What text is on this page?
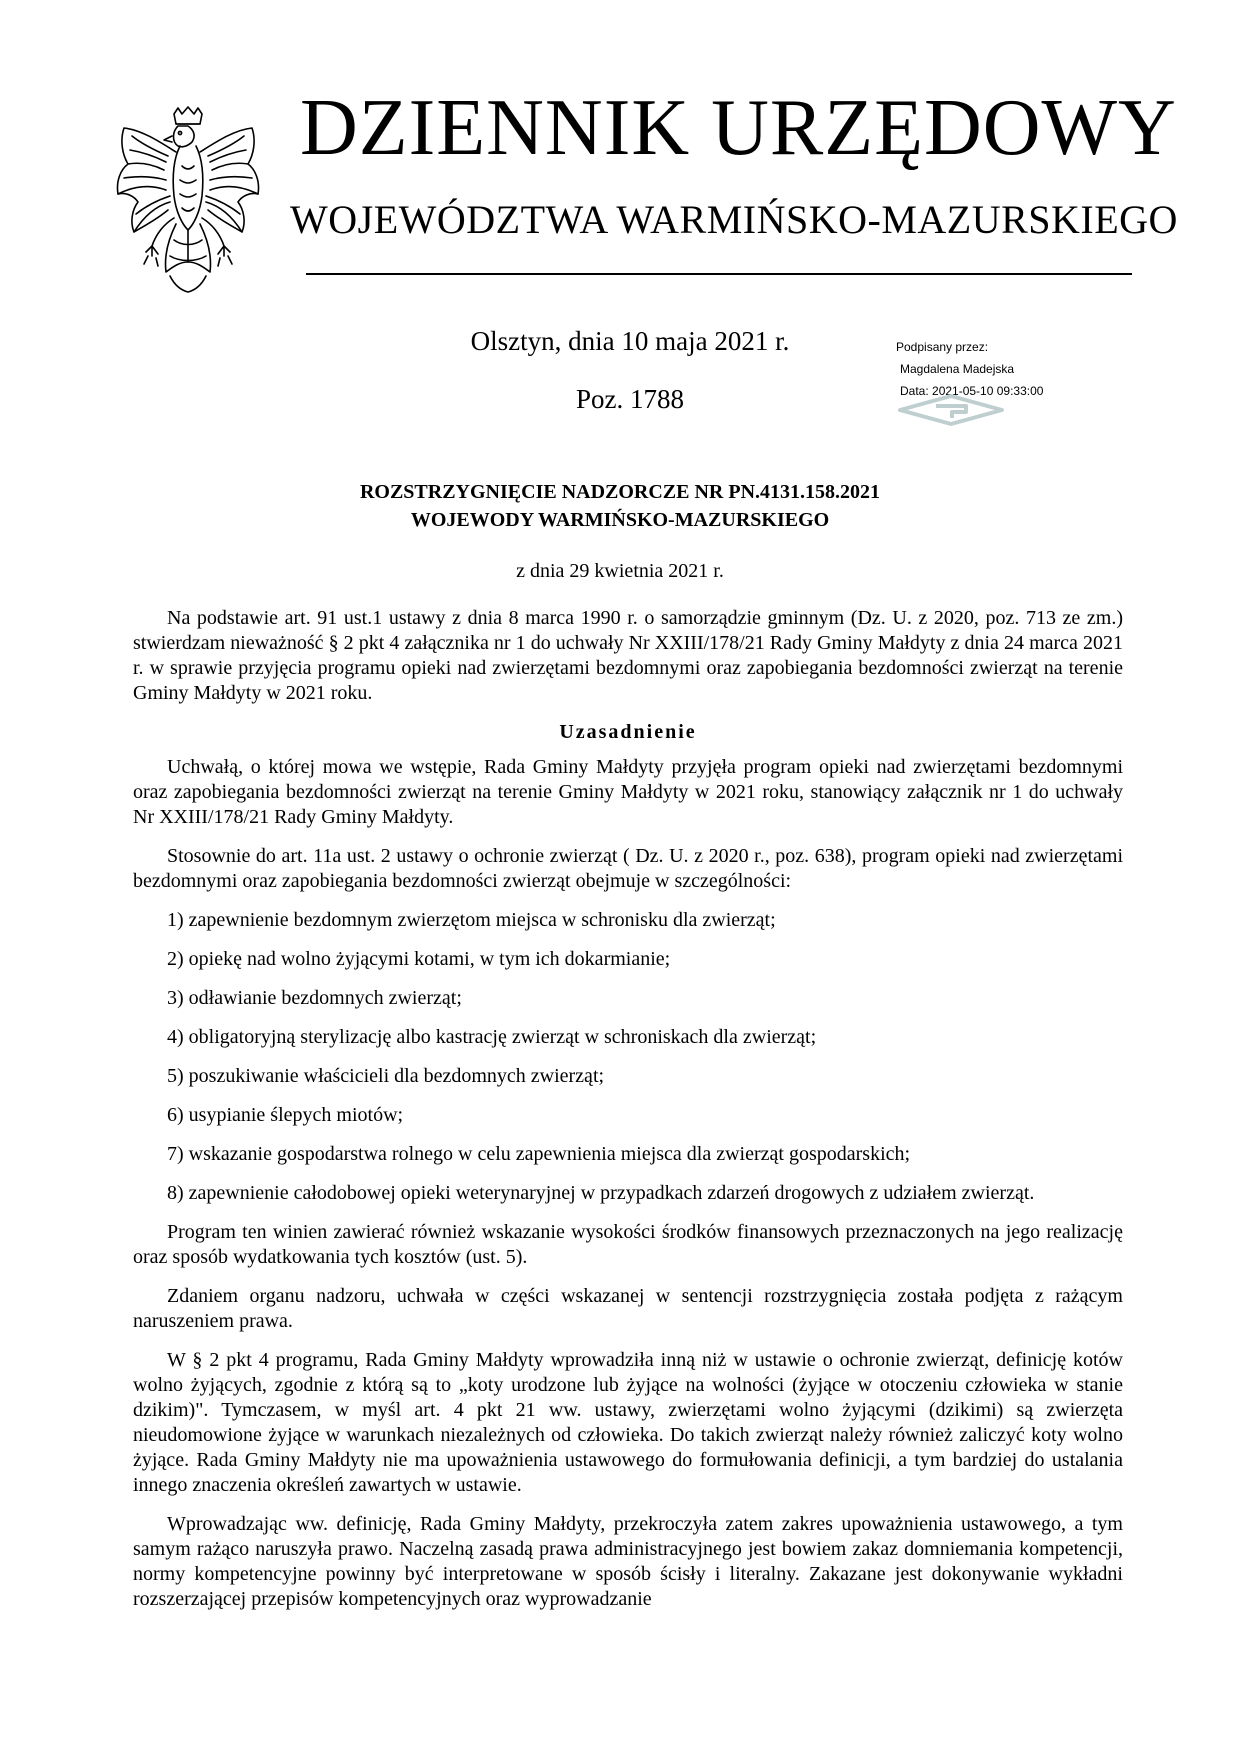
DZIENNIK URZĘDOWY
WOJEWÓDZTWA WARMIŃSKO-MAZURSKIEGO
Olsztyn, dnia 10 maja 2021 r.
Poz. 1788
Podpisany przez:
Magdalena Madejska
Data: 2021-05-10 09:33:00
ROZSTRZYGNIĘCIE NADZORCZE NR PN.4131.158.2021
WOJEWODY WARMIŃSKO-MAZURSKIEGO
z dnia 29 kwietnia 2021 r.

Na podstawie art. 91 ust.1 ustawy z dnia 8 marca 1990 r. o samorządzie gminnym (Dz. U. z 2020, poz. 713 ze zm.) stwierdzam nieważność § 2 pkt 4 załącznika nr 1 do uchwały Nr XXIII/178/21 Rady Gminy Małdyty z dnia 24 marca 2021 r. w sprawie przyjęcia programu opieki nad zwierzętami bezdomnymi oraz zapobiegania bezdomności zwierząt na terenie Gminy Małdyty w 2021 roku.

Uzasadnienie

Uchwałą, o której mowa we wstępie, Rada Gminy Małdyty przyjęła program opieki nad zwierzętami bezdomnymi oraz zapobiegania bezdomności zwierząt na terenie Gminy Małdyty w 2021 roku, stanowiący załącznik nr 1 do uchwały Nr XXIII/178/21 Rady Gminy Małdyty.

Stosownie do art. 11a ust. 2 ustawy o ochronie zwierząt ( Dz. U. z 2020 r., poz. 638), program opieki nad zwierzętami bezdomnymi oraz zapobiegania bezdomności zwierząt obejmuje w szczególności:

1) zapewnienie bezdomnym zwierzętom miejsca w schronisku dla zwierząt;

2) opiekę nad wolno żyjącymi kotami, w tym ich dokarmianie;

3) odławianie bezdomnych zwierząt;

4) obligatoryjną sterylizację albo kastrację zwierząt w schroniskach dla zwierząt;

5) poszukiwanie właścicieli dla bezdomnych zwierząt;

6) usypianie ślepych miotów;

7) wskazanie gospodarstwa rolnego w celu zapewnienia miejsca dla zwierząt gospodarskich;

8) zapewnienie całodobowej opieki weterynaryjnej w przypadkach zdarzeń drogowych z udziałem zwierząt.

Program ten winien zawierać również wskazanie wysokości środków finansowych przeznaczonych na jego realizację oraz sposób wydatkowania tych kosztów (ust. 5).

Zdaniem organu nadzoru, uchwała w części wskazanej w sentencji rozstrzygnięcia została podjęta z rażącym naruszeniem prawa.

W § 2 pkt 4 programu, Rada Gminy Małdyty wprowadziła inną niż w ustawie o ochronie zwierząt, definicję kotów wolno żyjących, zgodnie z którą są to „koty urodzone lub żyjące na wolności (żyjące w otoczeniu człowieka w stanie dzikim)". Tymczasem, w myśl art. 4 pkt 21 ww. ustawy, zwierzętami wolno żyjącymi (dzikimi) są zwierzęta nieudomowione żyjące w warunkach niezależnych od człowieka. Do takich zwierząt należy również zaliczyć koty wolno żyjące. Rada Gminy Małdyty nie ma upoważnienia ustawowego do formułowania definicji, a tym bardziej do ustalania innego znaczenia określeń zawartych w ustawie.

Wprowadzając ww. definicję, Rada Gminy Małdyty, przekroczyła zatem zakres upoważnienia ustawowego, a tym samym rażąco naruszyła prawo. Naczelną zasadą prawa administracyjnego jest bowiem zakaz domniemania kompetencji, normy kompetencyjne powinny być interpretowane w sposób ścisły i literalny. Zakazane jest dokonywanie wykładni rozszerzającej przepisów kompetencyjnych oraz wyprowadzanie
